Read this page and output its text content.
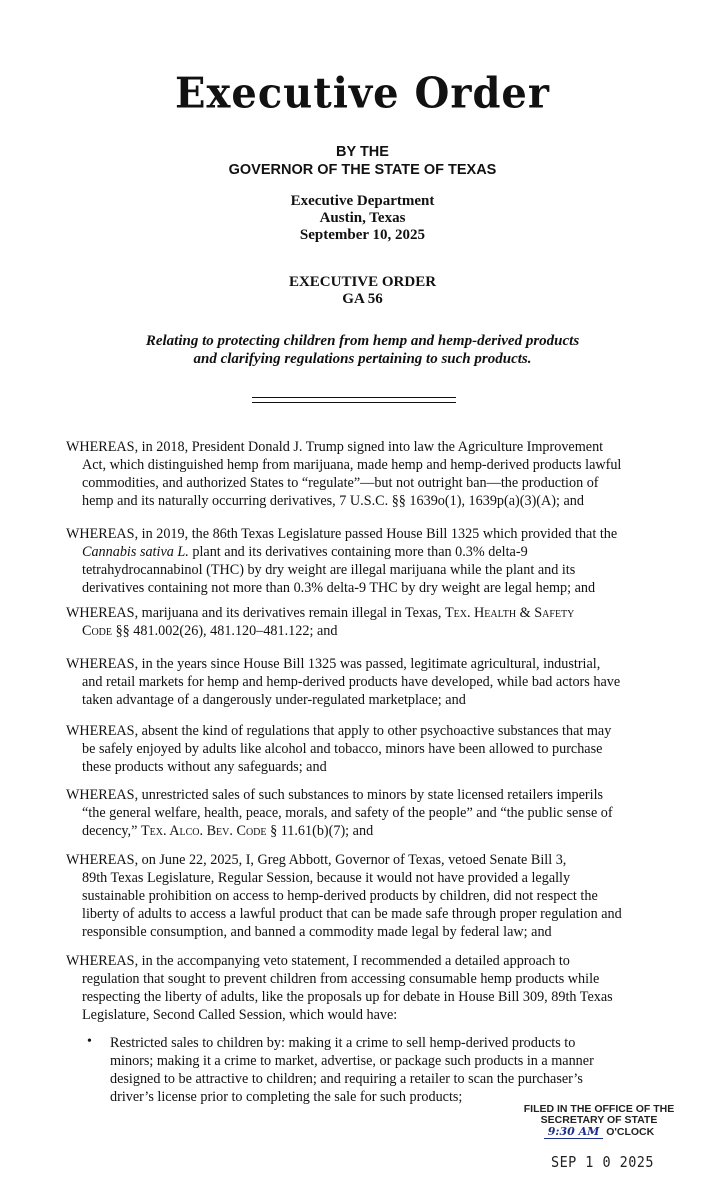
Executive Order
BY THE
GOVERNOR OF THE STATE OF TEXAS
Executive Department
Austin, Texas
September 10, 2025
EXECUTIVE ORDER
GA 56
Relating to protecting children from hemp and hemp-derived products
and clarifying regulations pertaining to such products.
WHEREAS, in 2018, President Donald J. Trump signed into law the Agriculture Improvement
Act, which distinguished hemp from marijuana, made hemp and hemp-derived products lawful
commodities, and authorized States to “regulate”—but not outright ban—the production of
hemp and its naturally occurring derivatives, 7 U.S.C. §§ 1639o(1), 1639p(a)(3)(A); and
WHEREAS, in 2019, the 86th Texas Legislature passed House Bill 1325 which provided that the
Cannabis sativa L. plant and its derivatives containing more than 0.3% delta-9
tetrahydrocannabinol (THC) by dry weight are illegal marijuana while the plant and its
derivatives containing not more than 0.3% delta-9 THC by dry weight are legal hemp; and
WHEREAS, marijuana and its derivatives remain illegal in Texas, Tex. Health & Safety
Code §§ 481.002(26), 481.120–481.122; and
WHEREAS, in the years since House Bill 1325 was passed, legitimate agricultural, industrial,
and retail markets for hemp and hemp-derived products have developed, while bad actors have
taken advantage of a dangerously under-regulated marketplace; and
WHEREAS, absent the kind of regulations that apply to other psychoactive substances that may
be safely enjoyed by adults like alcohol and tobacco, minors have been allowed to purchase
these products without any safeguards; and
WHEREAS, unrestricted sales of such substances to minors by state licensed retailers imperils
“the general welfare, health, peace, morals, and safety of the people” and “the public sense of
decency,” Tex. Alco. Bev. Code § 11.61(b)(7); and
WHEREAS, on June 22, 2025, I, Greg Abbott, Governor of Texas, vetoed Senate Bill 3,
89th Texas Legislature, Regular Session, because it would not have provided a legally
sustainable prohibition on access to hemp-derived products by children, did not respect the
liberty of adults to access a lawful product that can be made safe through proper regulation and
responsible consumption, and banned a commodity made legal by federal law; and
WHEREAS, in the accompanying veto statement, I recommended a detailed approach to
regulation that sought to prevent children from accessing consumable hemp products while
respecting the liberty of adults, like the proposals up for debate in House Bill 309, 89th Texas
Legislature, Second Called Session, which would have:
• Restricted sales to children by: making it a crime to sell hemp-derived products to
minors; making it a crime to market, advertise, or package such products in a manner
designed to be attractive to children; and requiring a retailer to scan the purchaser’s
driver’s license prior to completing the sale for such products;
FILED IN THE OFFICE OF THE
SECRETARY OF STATE
9:30 AM O'CLOCK
SEP 1 0 2025
